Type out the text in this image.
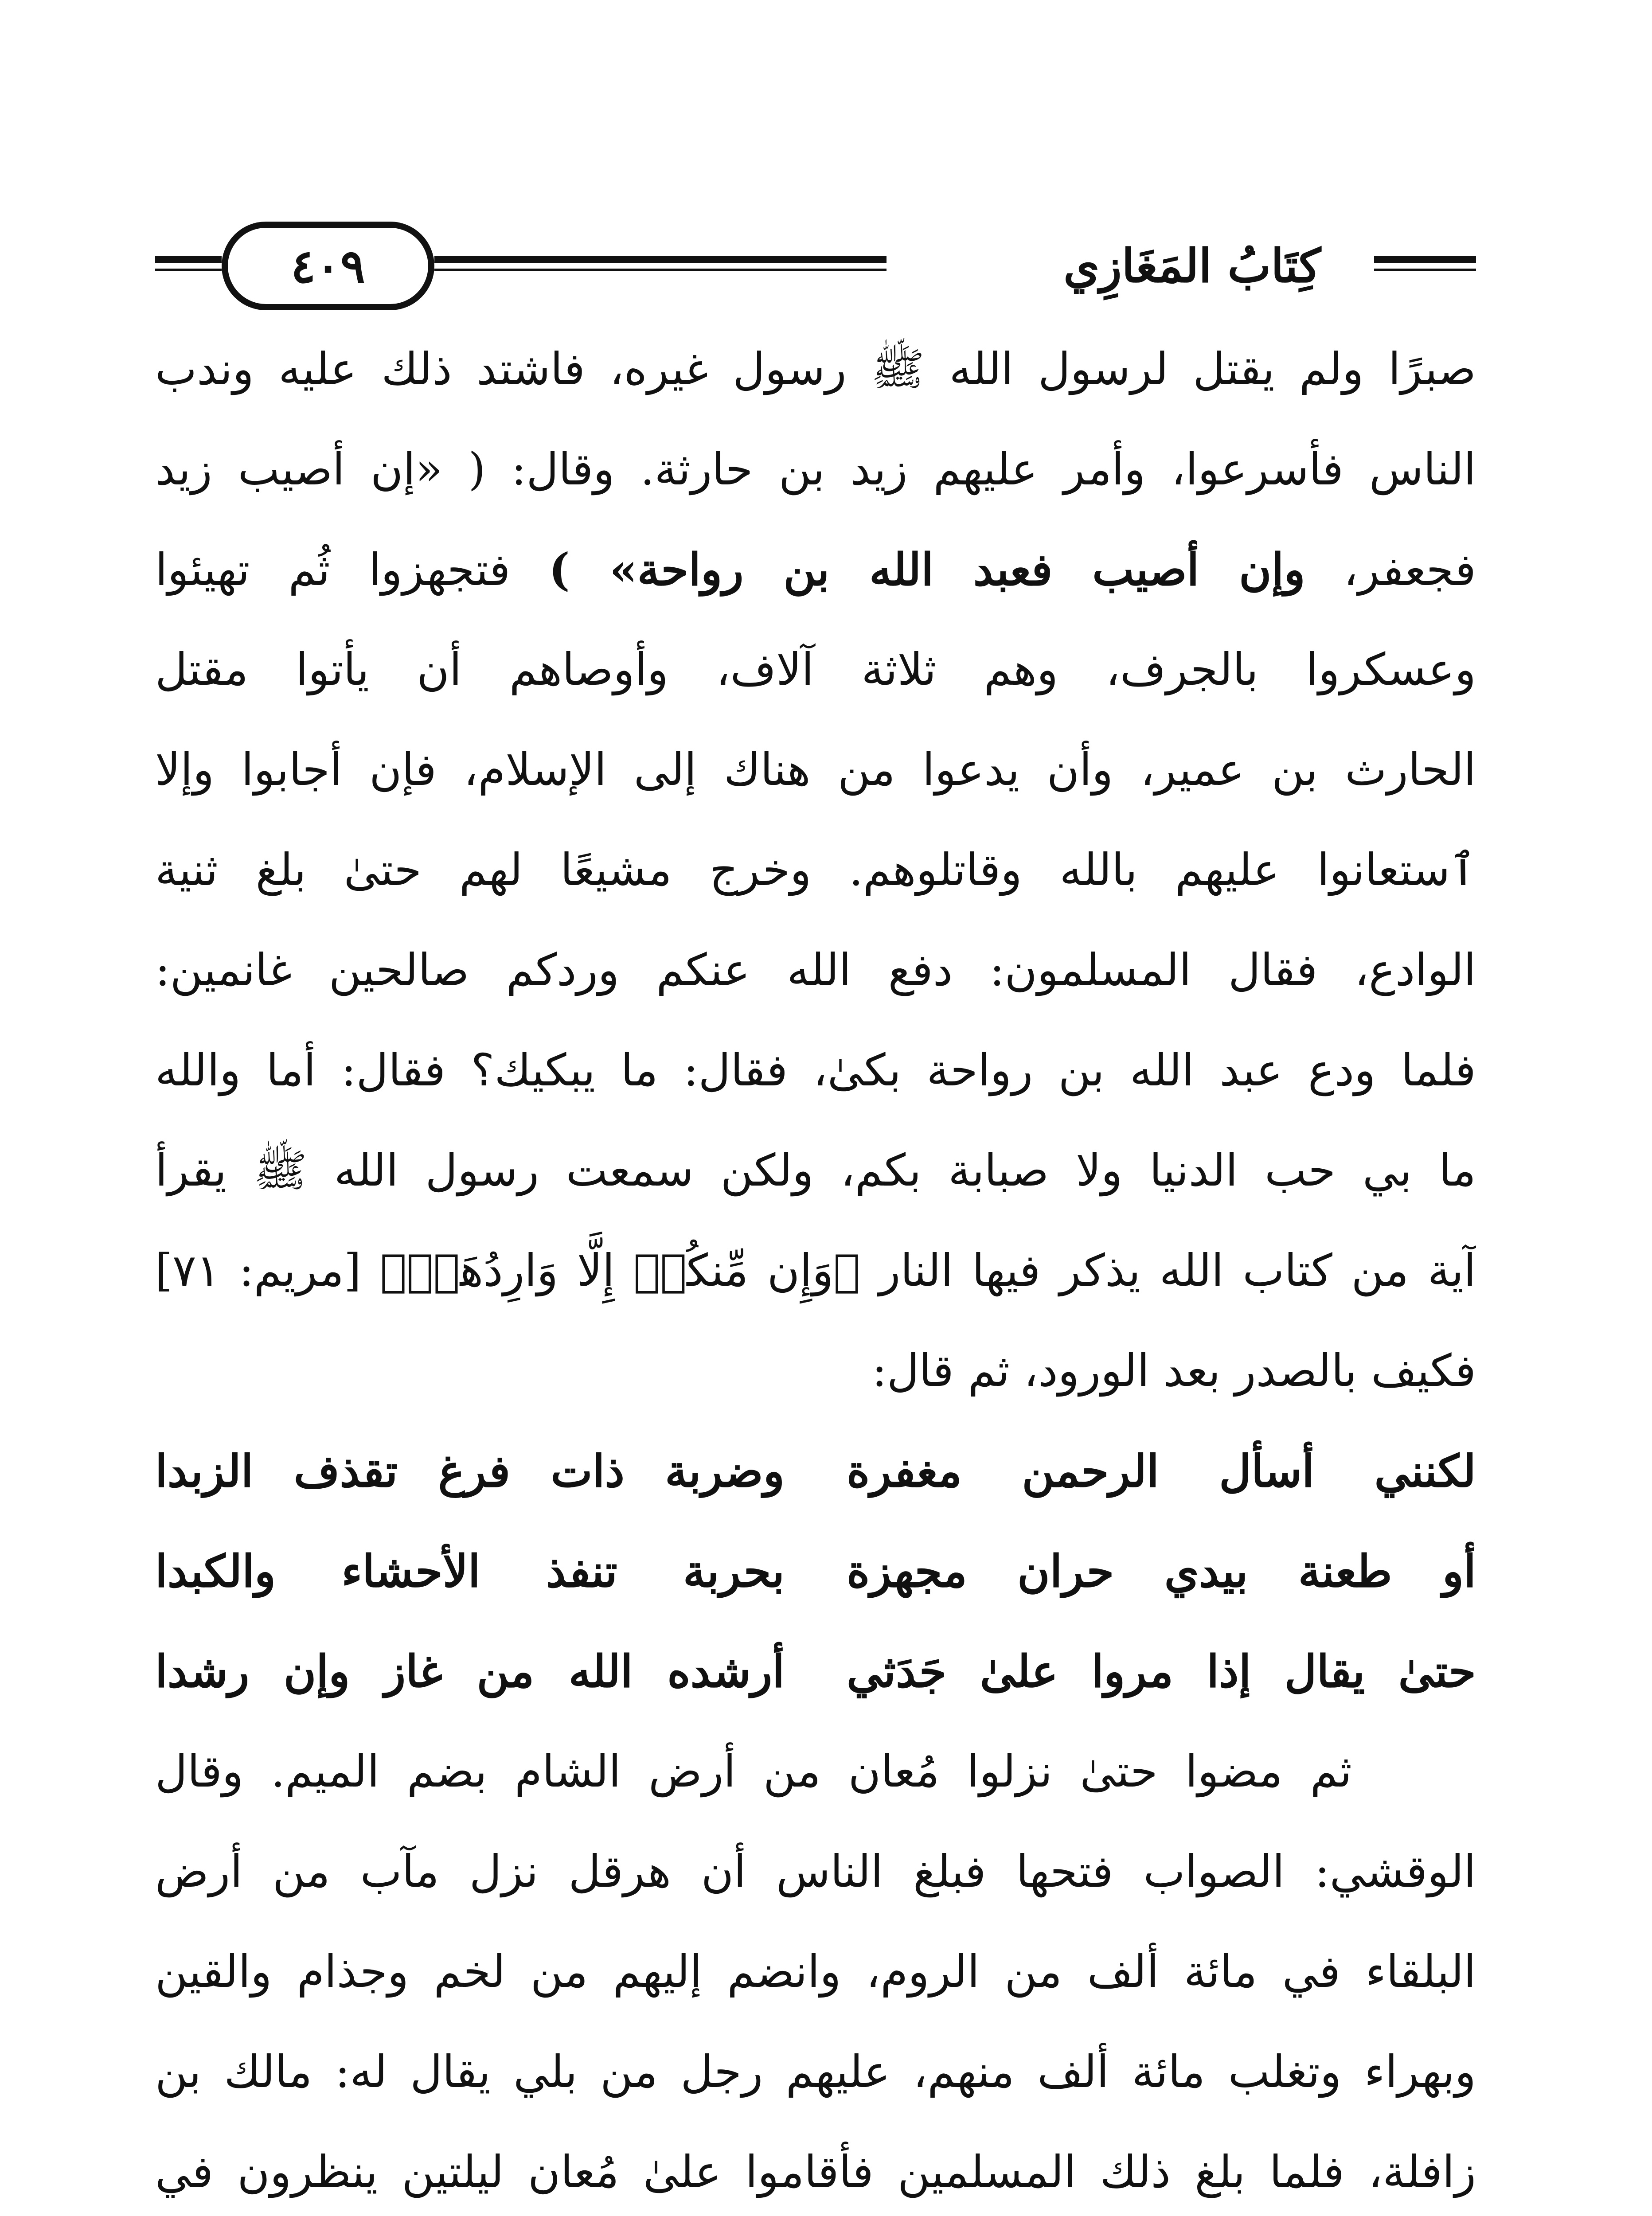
كِتَابُ المَغَازِي
٤٠٩
صبرًا ولم يقتل لرسول الله ﷺ رسول غيره، فاشتد ذلك عليه وندب
الناس فأسرعوا، وأمر عليهم زيد بن حارثة. وقال: ( «إن أصيب زيد
فجعفر، وإن أصيب فعبد الله بن رواحة» ) فتجهزوا ثُم تهيئوا
وعسكروا بالجرف، وهم ثلاثة آلاف، وأوصاهم أن يأتوا مقتل
الحارث بن عمير، وأن يدعوا من هناك إلى الإسلام، فإن أجابوا وإلا
ٱستعانوا عليهم بالله وقاتلوهم. وخرج مشيعًا لهم حتىٰ بلغ ثنية
الوادع، فقال المسلمون: دفع الله عنكم وردكم صالحين غانمين:
فلما ودع عبد الله بن رواحة بكىٰ، فقال: ما يبكيك؟ فقال: أما والله
ما بي حب الدنيا ولا صبابة بكم، ولكن سمعت رسول الله ﷺ يقرأ
آية من كتاب الله يذكر فيها النار ﴿وَإِن مِّنكُمۡ إِلَّا وَارِدُهَاۚ﴾ [مريم: ٧١]
فكيف بالصدر بعد الورود، ثم قال:
لكنني أسأل الرحمن مغفرة
وضربة ذات فرغ تقذف الزبدا
أو طعنة بيدي حران مجهزة
بحربة تنفذ الأحشاء والكبدا
حتىٰ يقال إذا مروا علىٰ جَدَثي
أرشده الله من غاز وإن رشدا
ثم مضوا حتىٰ نزلوا مُعان من أرض الشام بضم الميم. وقال
الوقشي: الصواب فتحها فبلغ الناس أن هرقل نزل مآب من أرض
البلقاء في مائة ألف من الروم، وانضم إليهم من لخم وجذام والقين
وبهراء وتغلب مائة ألف منهم، عليهم رجل من بلي يقال له: مالك بن
زافلة، فلما بلغ ذلك المسلمين فأقاموا علىٰ مُعان ليلتين ينظرون في
